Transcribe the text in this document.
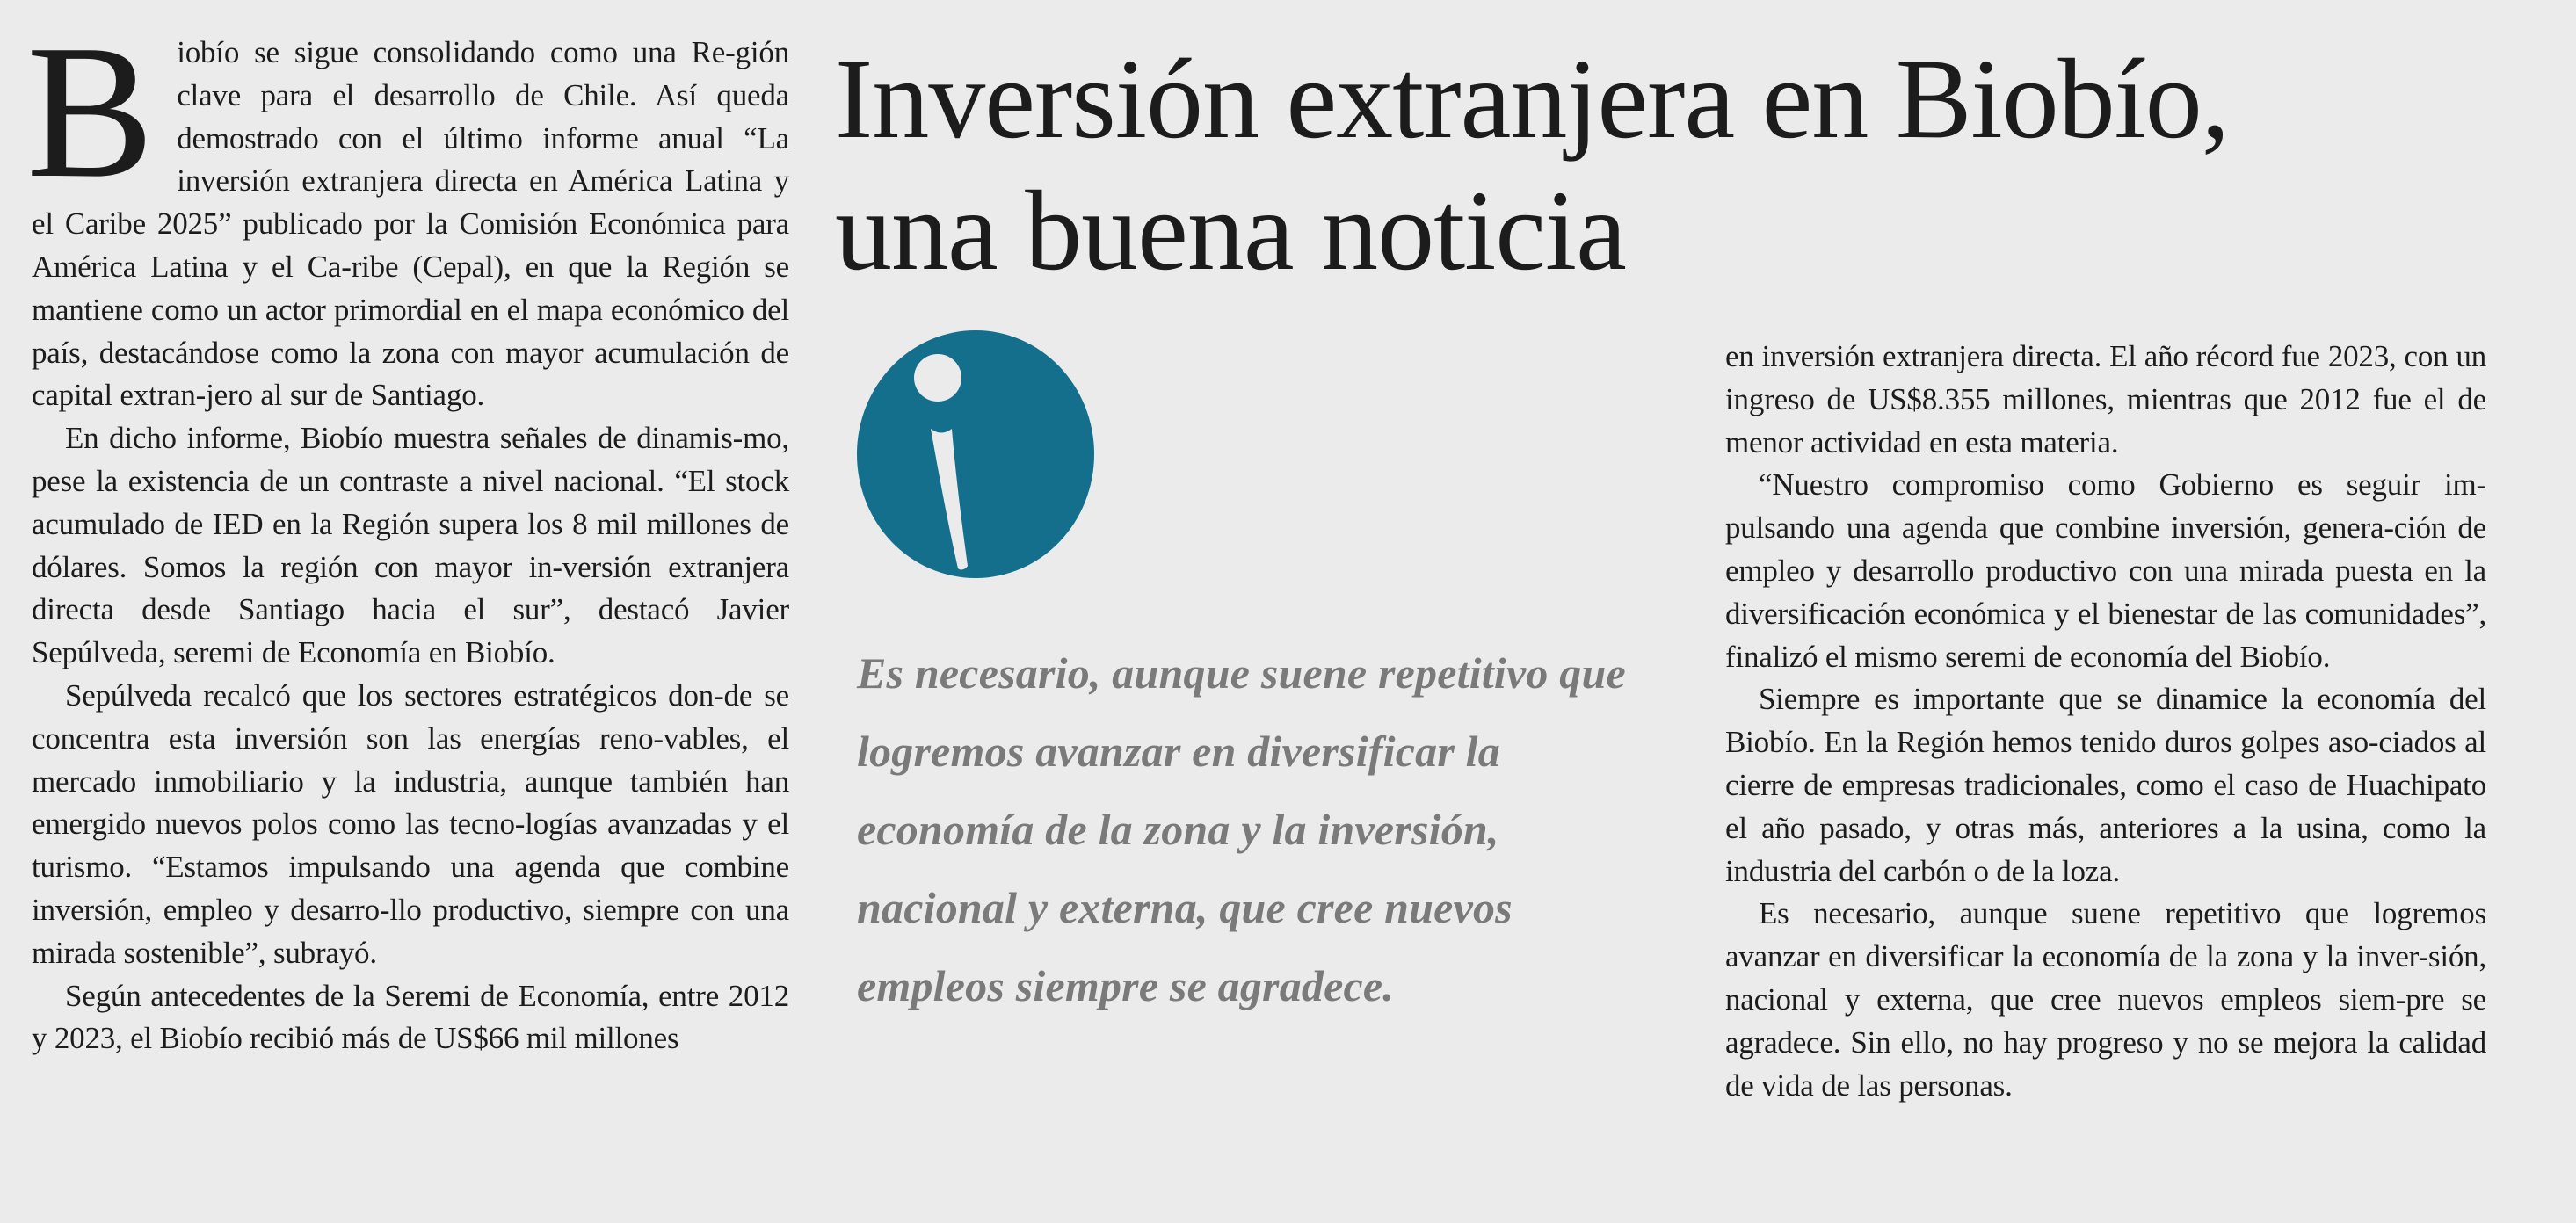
Biobío se sigue consolidando como una Re-gión clave para el desarrollo de Chile. Así queda demostrado con el último informe anual “La inversión extranjera directa en América Latina y el Caribe 2025” publicado por la Comisión Económica para América Latina y el Ca-ribe (Cepal), en que la Región se mantiene como un actor primordial en el mapa económico del país, destacándose como la zona con mayor acumulación de capital extran-jero al sur de Santiago.

En dicho informe, Biobío muestra señales de dinamis-mo, pese la existencia de un contraste a nivel nacional. “El stock acumulado de IED en la Región supera los 8 mil millones de dólares. Somos la región con mayor in-versión extranjera directa desde Santiago hacia el sur”, destacó Javier Sepúlveda, seremi de Economía en Biobío.

Sepúlveda recalcó que los sectores estratégicos don-de se concentra esta inversión son las energías reno-vables, el mercado inmobiliario y la industria, aunque también han emergido nuevos polos como las tecno-logías avanzadas y el turismo. “Estamos impulsando una agenda que combine inversión, empleo y desarro-llo productivo, siempre con una mirada sostenible”, subrayó.

Según antecedentes de la Seremi de Economía, entre 2012 y 2023, el Biobío recibió más de US$66 mil millones

Inversión extranjera en Biobío,
una buena noticia

Es necesario, aunque suene repetitivo que logremos avanzar en diversificar la economía de la zona y la inversión, nacional y externa, que cree nuevos empleos siempre se agradece.

en inversión extranjera directa. El año récord fue 2023, con un ingreso de US$8.355 millones, mientras que 2012 fue el de menor actividad en esta materia.

“Nuestro compromiso como Gobierno es seguir im-pulsando una agenda que combine inversión, genera-ción de empleo y desarrollo productivo con una mirada puesta en la diversificación económica y el bienestar de las comunidades”, finalizó el mismo seremi de economía del Biobío.

Siempre es importante que se dinamice la economía del Biobío. En la Región hemos tenido duros golpes aso-ciados al cierre de empresas tradicionales, como el caso de Huachipato el año pasado, y otras más, anteriores a la usina, como la industria del carbón o de la loza.

Es necesario, aunque suene repetitivo que logremos avanzar en diversificar la economía de la zona y la inver-sión, nacional y externa, que cree nuevos empleos siem-pre se agradece. Sin ello, no hay progreso y no se mejora la calidad de vida de las personas.
